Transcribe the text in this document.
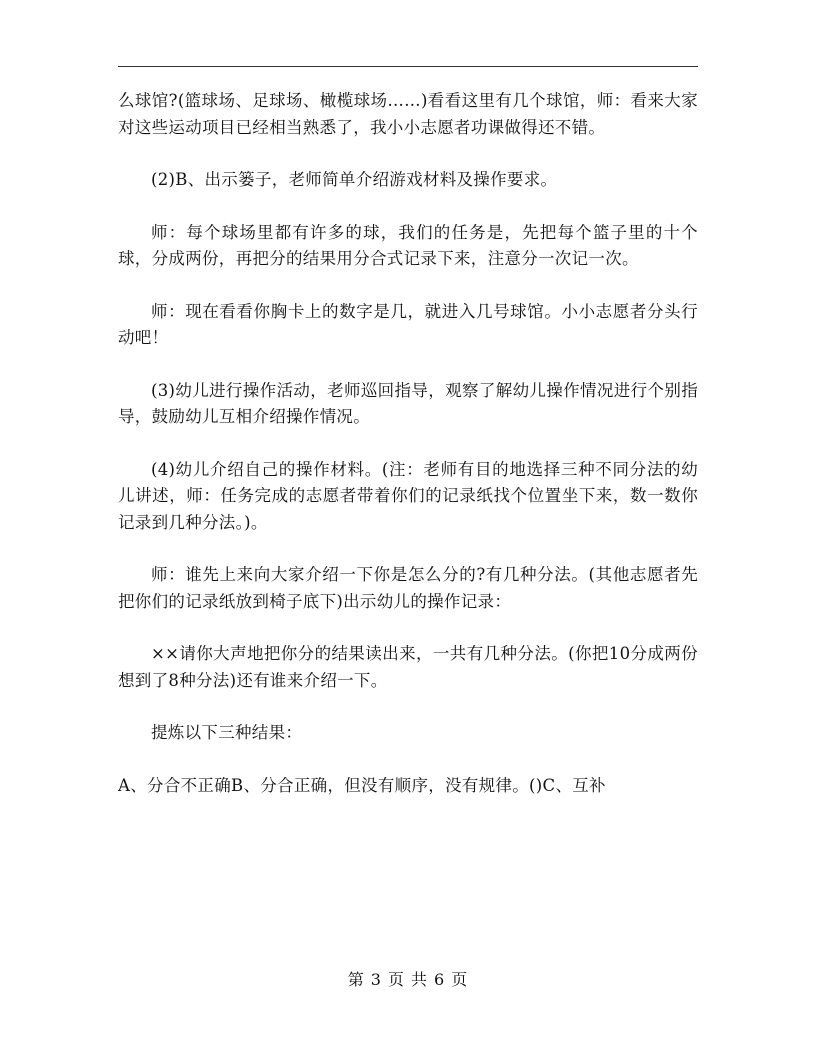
么球馆?(篮球场、足球场、橄榄球场……)看看这里有几个球馆，师：看来大家对这些运动项目已经相当熟悉了，我小小志愿者功课做得还不错。

(2)B、出示篓子，老师简单介绍游戏材料及操作要求。

师：每个球场里都有许多的球，我们的任务是，先把每个篮子里的十个球，分成两份，再把分的结果用分合式记录下来，注意分一次记一次。

师：现在看看你胸卡上的数字是几，就进入几号球馆。小小志愿者分头行动吧！

(3)幼儿进行操作活动，老师巡回指导，观察了解幼儿操作情况进行个别指导，鼓励幼儿互相介绍操作情况。

(4)幼儿介绍自己的操作材料。(注：老师有目的地选择三种不同分法的幼儿讲述，师：任务完成的志愿者带着你们的记录纸找个位置坐下来，数一数你记录到几种分法。)。

师：谁先上来向大家介绍一下你是怎么分的?有几种分法。(其他志愿者先把你们的记录纸放到椅子底下)出示幼儿的操作记录：

××请你大声地把你分的结果读出来，一共有几种分法。(你把10分成两份想到了8种分法)还有谁来介绍一下。

提炼以下三种结果：

A、分合不正确B、分合正确，但没有顺序，没有规律。()C、互补

第 3 页 共 6 页
